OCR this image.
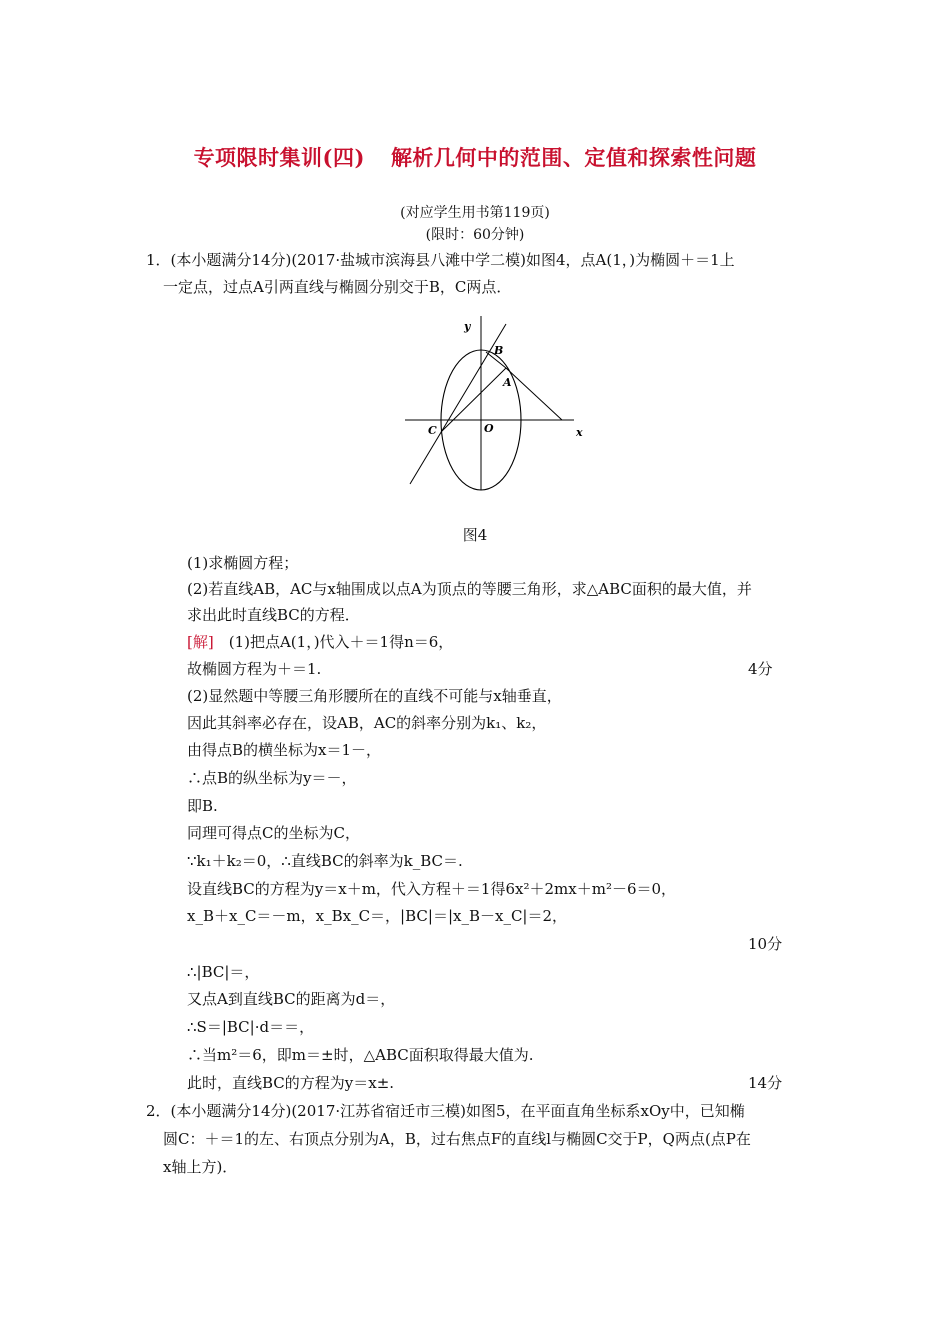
专项限时集训(四) 解析几何中的范围、定值和探索性问题
(对应学生用书第119页)
(限时：60分钟)
1．(本小题满分14分)(2017·盐城市滨海县八滩中学二模)如图4，点A(1，)为椭圆＋＝1上
一定点，过点A引两直线与椭圆分别交于B，C两点．
y
x
O
B
A
C
图4
(1)求椭圆方程；
(2)若直线AB，AC与x轴围成以点A为顶点的等腰三角形，求△ABC面积的最大值，并
求出此时直线BC的方程．
[解]　(1)把点A(1，)代入＋＝1得n＝6，
故椭圆方程为＋＝1.	4分
(2)显然题中等腰三角形腰所在的直线不可能与x轴垂直，
因此其斜率必存在，设AB，AC的斜率分别为k₁、k₂，
由得点B的横坐标为x＝1－，
∴点B的纵坐标为y＝－，
即B.
同理可得点C的坐标为C，
∵k₁＋k₂＝0，∴直线BC的斜率为k_BC＝.
设直线BC的方程为y＝x＋m，代入方程＋＝1得6x²＋2mx＋m²－6＝0，
x_B＋x_C＝－m，x_Bx_C＝，|BC|＝|x_B－x_C|＝2，
10分
∴|BC|＝，
又点A到直线BC的距离为d＝，
∴S＝|BC|·d＝＝，
∴当m²＝6，即m＝±时，△ABC面积取得最大值为.
此时，直线BC的方程为y＝x±.	14分
2．(本小题满分14分)(2017·江苏省宿迁市三模)如图5，在平面直角坐标系xOy中，已知椭
圆C：＋＝1的左、右顶点分别为A，B，过右焦点F的直线l与椭圆C交于P，Q两点(点P在
x轴上方)．
